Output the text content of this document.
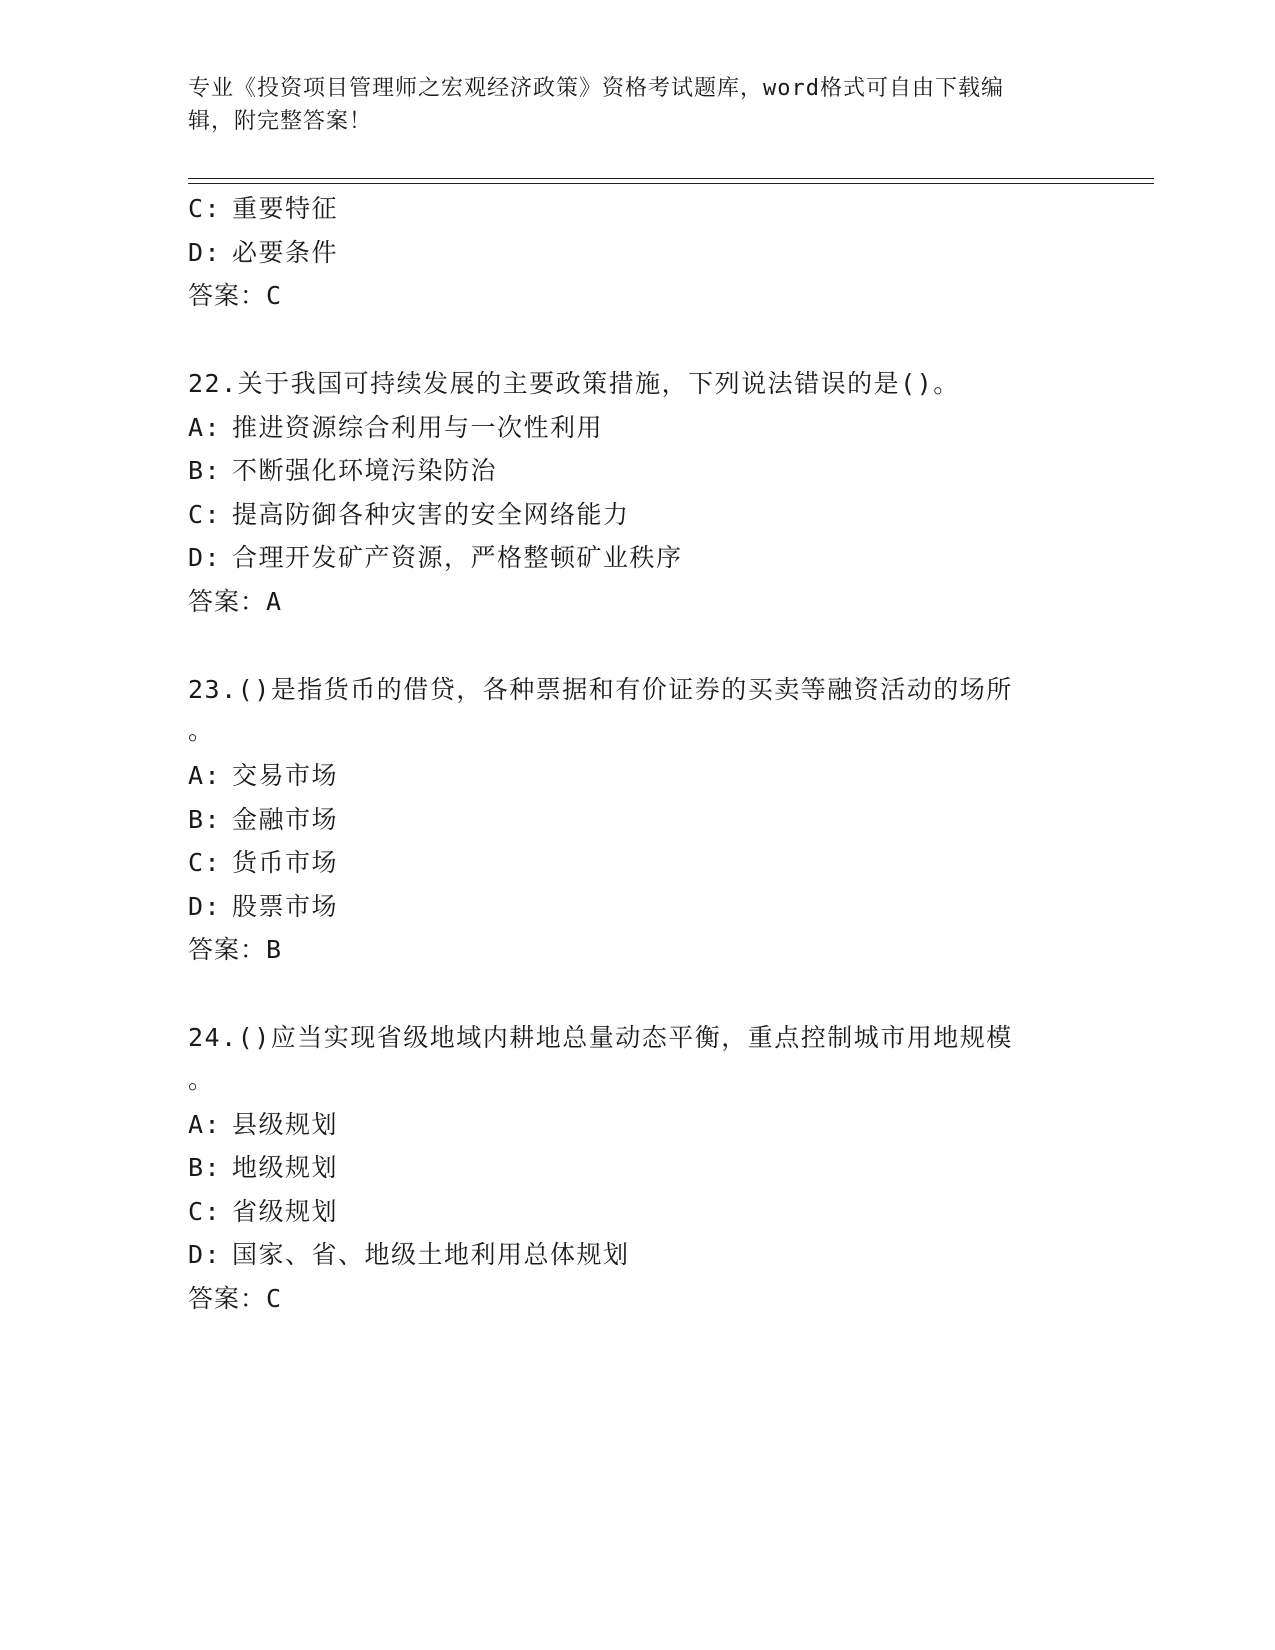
专业《投资项目管理师之宏观经济政策》资格考试题库，word格式可自由下载编
辑，附完整答案！
C: 重要特征
D: 必要条件
答案：C
22.关于我国可持续发展的主要政策措施，下列说法错误的是()。
A: 推进资源综合利用与一次性利用
B: 不断强化环境污染防治
C: 提高防御各种灾害的安全网络能力
D: 合理开发矿产资源，严格整顿矿业秩序
答案：A
23.()是指货币的借贷，各种票据和有价证券的买卖等融资活动的场所
。
A: 交易市场
B: 金融市场
C: 货币市场
D: 股票市场
答案：B
24.()应当实现省级地域内耕地总量动态平衡，重点控制城市用地规模
。
A: 县级规划
B: 地级规划
C: 省级规划
D: 国家、省、地级土地利用总体规划
答案：C
